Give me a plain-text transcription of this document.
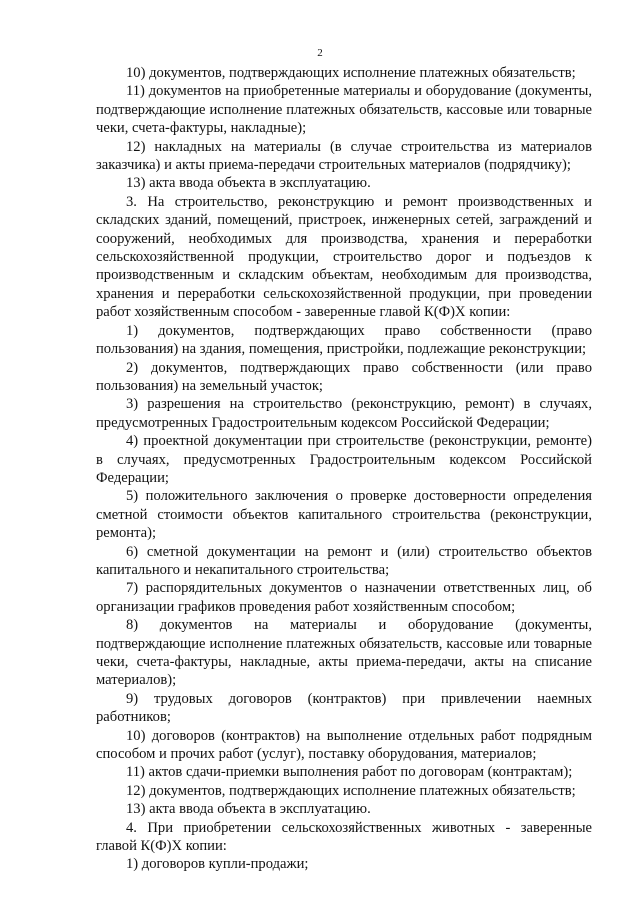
2

10) документов, подтверждающих исполнение платежных обязательств;

11) документов на приобретенные материалы и оборудование (документы, подтверждающие исполнение платежных обязательств, кассовые или товарные чеки, счета-фактуры, накладные);

12) накладных на материалы (в случае строительства из материалов заказчика) и акты приема-передачи строительных материалов (подрядчику);

13) акта ввода объекта в эксплуатацию.

3. На строительство, реконструкцию и ремонт производственных и складских зданий, помещений, пристроек, инженерных сетей, заграждений и сооружений, необходимых для производства, хранения и переработки сельскохозяйственной продукции, строительство дорог и подъездов к производственным и складским объектам, необходимым для производства, хранения и переработки сельскохозяйственной продукции, при проведении работ хозяйственным способом - заверенные главой К(Ф)Х копии:

1) документов, подтверждающих право собственности (право пользования) на здания, помещения, пристройки, подлежащие реконструкции;

2) документов, подтверждающих право собственности (или право пользования) на земельный участок;

3) разрешения на строительство (реконструкцию, ремонт) в случаях, предусмотренных Градостроительным кодексом Российской Федерации;

4) проектной документации при строительстве (реконструкции, ремонте) в случаях, предусмотренных Градостроительным кодексом Российской Федерации;

5) положительного заключения о проверке достоверности определения сметной стоимости объектов капитального строительства (реконструкции, ремонта);

6) сметной документации на ремонт и (или) строительство объектов капитального и некапитального строительства;

7) распорядительных документов о назначении ответственных лиц, об организации графиков проведения работ хозяйственным способом;

8) документов на материалы и оборудование (документы, подтверждающие исполнение платежных обязательств, кассовые или товарные чеки, счета-фактуры, накладные, акты приема-передачи, акты на списание материалов);

9) трудовых договоров (контрактов) при привлечении наемных работников;

10) договоров (контрактов) на выполнение отдельных работ подрядным способом и прочих работ (услуг), поставку оборудования, материалов;

11) актов сдачи-приемки выполнения работ по договорам (контрактам);

12) документов, подтверждающих исполнение платежных обязательств;

13) акта ввода объекта в эксплуатацию.

4. При приобретении сельскохозяйственных животных - заверенные главой К(Ф)Х копии:

1) договоров купли-продажи;
